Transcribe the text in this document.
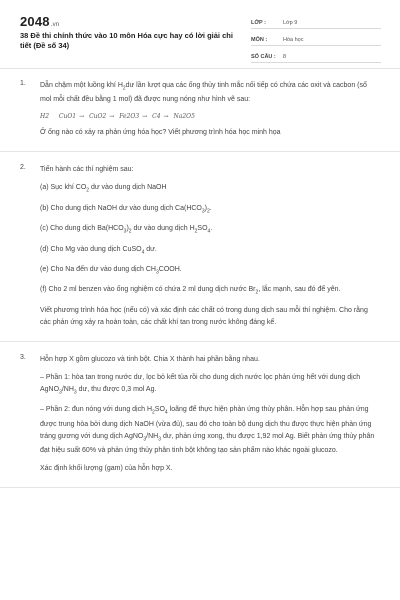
2048.vn
38 Đề thi chính thức vào 10 môn Hóa cực hay có lời giải chi tiết (Đề số 34)
LỚP :	Lớp 9
MÔN :	Hóa học
SỐ CÂU :	8
1. Dẫn chậm một luồng khí $H_2dư$ lần lượt qua các ống thủy tinh mắc nối tiếp có chứa các oxit và cacbon (số mol mỗi chất đều bằng 1 mol) đã được nung nóng như hình vẽ sau:

H2 CuO1 → CuO2 → Fe2O3 → C4 → Na2O5

Ở ống nào có xảy ra phản ứng hóa học? Viết phương trình hóa học minh họa

2. Tiến hành các thí nghiệm sau:

(a) Sục khí $CO_2$ dư vào dung dịch NaOH

(b) Cho dung dịch NaOH dư vào dung dịch $Ca(HCO_3)_2$.

(c) Cho dung dịch $Ba(HCO_3)_2$ dư vào dung dịch $H_2SO_4$.

(d) Cho Mg vào dung dịch CuSO$_4$ dư.

(e) Cho Na đến dư vào dung dịch $CH_3COOH$.

(f) Cho 2 ml benzen vào ống nghiệm có chứa 2 ml dung dịch nước $Br_2$, lắc mạnh, sau đó để yên.

Viết phương trình hóa học (nếu có) và xác định các chất có trong dung dịch sau mỗi thí nghiệm. Cho rằng các phản ứng xảy ra hoàn toàn, các chất khí tan trong nước không đáng kể.

3. Hỗn hợp X gồm glucozo và tinh bột. Chia X thành hai phần bằng nhau.

– Phần 1: hòa tan trong nước dư, lọc bỏ kết tủa rồi cho dung dịch nước lọc phản ứng hết với dung dịch $AgNO_3/NH_3$ dư, thu được 0,3 mol Ag.

– Phần 2: đun nóng với dung dịch $H_2SO_4$ loãng để thực hiện phản ứng thủy phân. Hỗn hợp sau phản ứng được trung hòa bởi dung dịch NaOH (vừa đủ), sau đó cho toàn bộ dung dịch thu được thực hiện phản ứng tráng gương với dung dịch $AgNO_3/NH_3$ dư, phản ứng xong, thu được 1,92 mol Ag. Biết phản ứng thủy phân đạt hiệu suất 60% và phản ứng thủy phân tinh bột không tạo sản phẩm nào khác ngoài glucozo.

Xác định khối lượng (gam) của hỗn hợp X.
